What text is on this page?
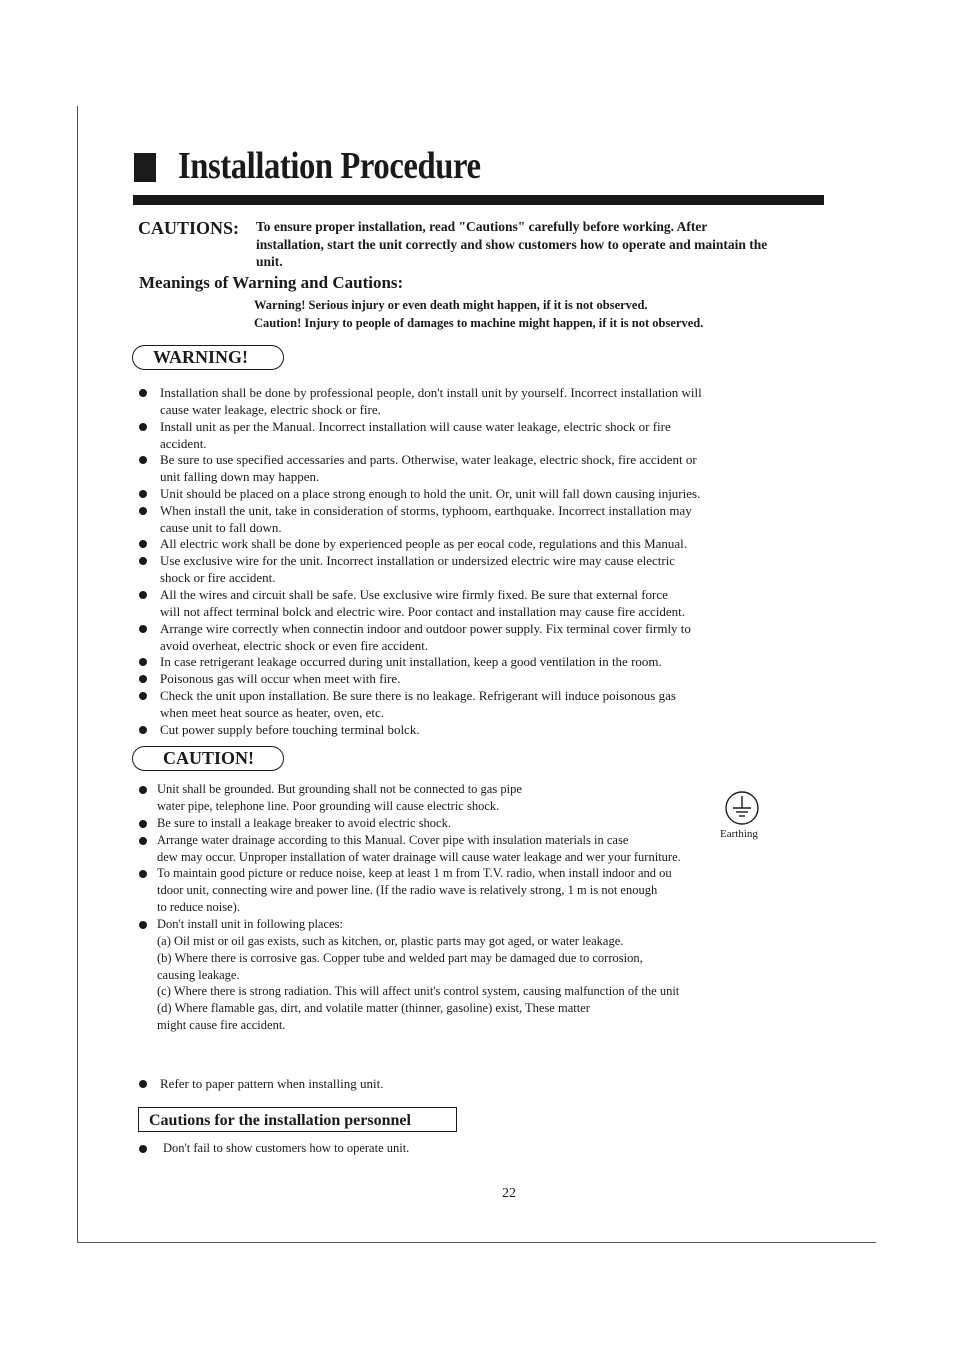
Installation Procedure
CAUTIONS: To ensure proper installation, read "Cautions" carefully before working. After installation, start the unit correctly and show customers how to operate and maintain the unit.
Meanings of Warning and Cautions:
Warning! Serious injury or even death might happen, if it is not observed.
Caution! Injury to people of damages to machine might happen, if it is not observed.
WARNING!
Installation shall be done by professional people, don't install unit by yourself. Incorrect installation will
cause water leakage, electric shock or fire.
Install unit as per the Manual. Incorrect installation will cause water leakage, electric shock or fire
accident.
Be sure to use specified accessaries and parts. Otherwise, water leakage, electric shock, fire accident or
unit falling down may happen.
Unit should be placed on a place strong enough to hold the unit. Or, unit will fall down causing injuries.
When install the unit, take in consideration of storms, typhoom, earthquake. Incorrect installation may
cause unit to fall down.
All electric work shall be done by experienced people as per eocal code, regulations and this Manual.
Use exclusive wire for the unit. Incorrect installation or undersized electric wire may cause electric
shock or fire accident.
All the wires and circuit shall be safe. Use exclusive wire firmly fixed. Be sure that external force
will not affect terminal bolck and electric wire. Poor contact and installation may cause fire accident.
Arrange wire correctly when connectin indoor and outdoor power supply. Fix terminal cover firmly to
avoid overheat, electric shock or even fire accident.
In case retrigerant leakage occurred during unit installation, keep a good ventilation in the room.
Poisonous gas will occur when meet with fire.
Check the unit upon installation. Be sure there is no leakage. Refrigerant will induce poisonous gas
when meet heat source as heater, oven, etc.
Cut power supply before touching terminal bolck.
CAUTION!
Unit shall be grounded. But grounding shall not be connected to gas pipe
water pipe, telephone line. Poor grounding will cause electric shock.
Be sure to install a leakage breaker to avoid electric shock.
Arrange water drainage according to this Manual. Cover pipe with insulation materials in case
dew may occur. Unproper installation of water drainage will cause water leakage and wer your furniture.
To maintain good picture or reduce noise, keep at least 1 m from T.V. radio, when install indoor and ou
tdoor unit, connecting wire and power line. (If the radio wave is relatively strong, 1 m is not enough
to reduce noise).
Don't install unit in following places:
(a) Oil mist or oil gas exists, such as kitchen, or, plastic parts may got aged, or water leakage.
(b) Where there is corrosive gas. Copper tube and welded part may be damaged due to corrosion,
causing leakage.
(c) Where there is strong radiation. This will affect unit's control system, causing malfunction of the unit
(d) Where flamable gas, dirt, and volatile matter (thinner, gasoline) exist, These matter
might cause fire accident.
Earthing
Refer to paper pattern when installing unit.
Cautions for the installation personnel
Don't fail to show customers how to operate unit.
22
